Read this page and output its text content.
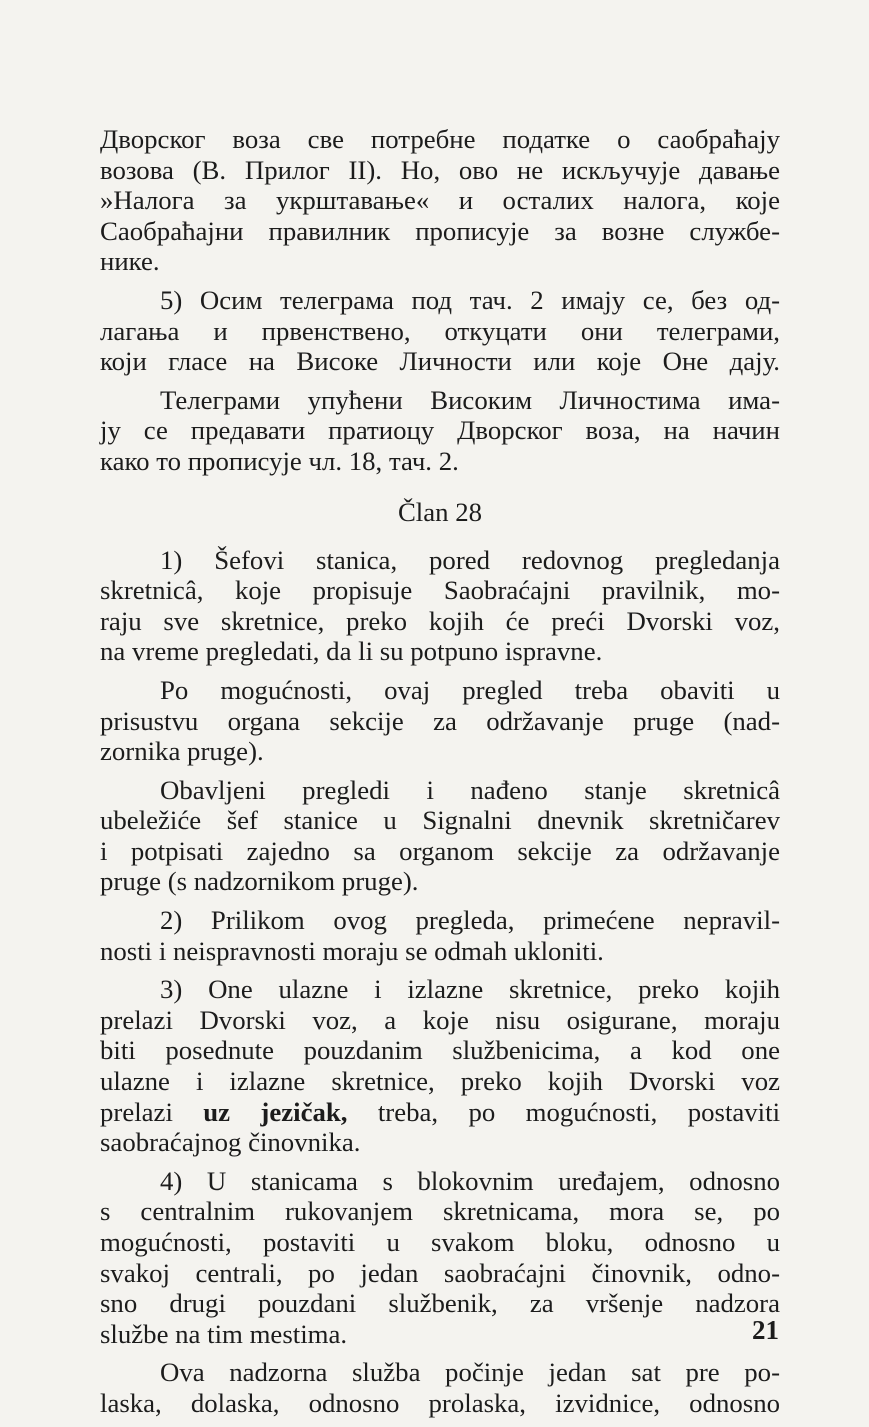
Дворског воза све потребне податке о саобраћају

возова (В. Прилог II). Но, ово не искључује давање

»Налога за укрштавање« и осталих налога, које

Саобраћајни правилник прописује за возне службе-

нике.

5) Осим телеграма под тач. 2 имају се, без од-

лагања и првенствено, откуцати они телеграми,

који гласе на Високе Личности или које Оне дају.

Телеграми упућени Високим Личностима има-

ју се предавати пратиоцу Дворског воза, на начин

како то прописује чл. 18, тач. 2.

Član 28

1) Šefovi stanica, pored redovnog pregledanja

skretnicâ, koje propisuje Saobraćajni pravilnik, mo-

raju sve skretnice, preko kojih će preći Dvorski voz,

na vreme pregledati, da li su potpuno ispravne.

Po mogućnosti, ovaj pregled treba obaviti u

prisustvu organa sekcije za održavanje pruge (nad-

zornika pruge).

Obavljeni pregledi i nađeno stanje skretnicâ

ubeležiće šef stanice u Signalni dnevnik skretničarev

i potpisati zajedno sa organom sekcije za održavanje

pruge (s nadzornikom pruge).

2) Prilikom ovog pregleda, primećene nepravil-

nosti i neispravnosti moraju se odmah ukloniti.

3) One ulazne i izlazne skretnice, preko kojih

prelazi Dvorski voz, a koje nisu osigurane, moraju

biti posednute pouzdanim službenicima, a kod one

ulazne i izlazne skretnice, preko kojih Dvorski voz

prelazi uz jezičak, treba, po mogućnosti, postaviti

saobraćajnog činovnika.

4) U stanicama s blokovnim uređajem, odnosno

s centralnim rukovanjem skretnicama, mora se, po

mogućnosti, postaviti u svakom bloku, odnosno u

svakoj centrali, po jedan saobraćajni činovnik, odno-

sno drugi pouzdani službenik, za vršenje nadzora

službe na tim mestima.

Ova nadzorna služba počinje jedan sat pre po-

laska, dolaska, odnosno prolaska, izvidnice, odnosno

21
